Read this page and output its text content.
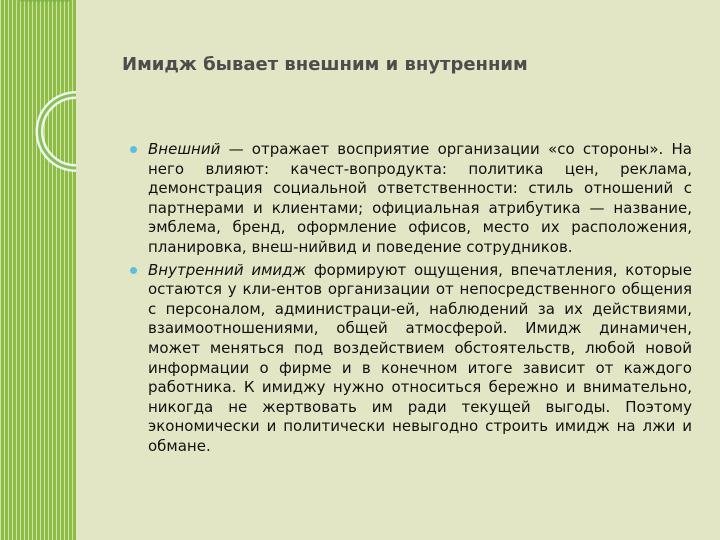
Имидж бывает внешним и внутренним
Внешний — отражает восприятие организации «со стороны». На него влияют: качест-вопродукта: политика цен, реклама, демонстрация социальной ответственности: стиль отношений с партнерами и клиентами; официальная атрибутика — название, эмблема, бренд, оформление офисов, место их расположения, планировка, внеш-нийвид и поведение сотрудников.
Внутренний имидж формируют ощущения, впечатления, которые остаются у кли-ентов организации от непосредственного общения с персоналом, администраци-ей, наблюдений за их действиями, взаимоотношениями, общей атмосферой. Имидж динамичен, может меняться под воздействием обстоятельств, любой новой информации о фирме и в конечном итоге зависит от каждого работника. К имиджу нужно относиться бережно и внимательно, никогда не жертвовать им ради текущей выгоды. Поэтому экономически и политически невыгодно строить имидж на лжи и обмане.
